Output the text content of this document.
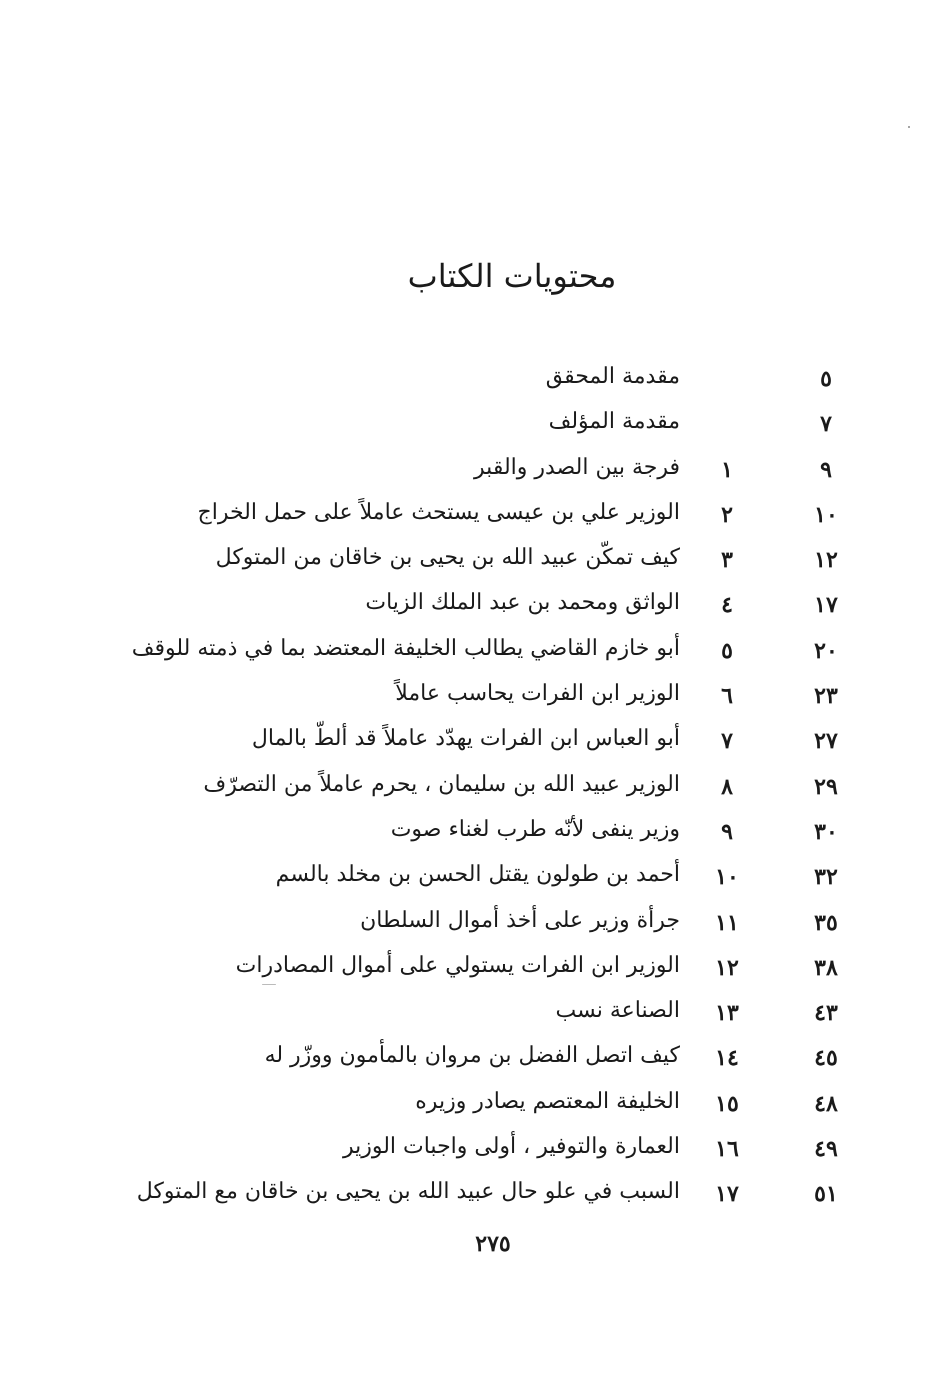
محتويات الكتاب
٥
مقدمة المحقق
٧
مقدمة المؤلف
٩
١
فرجة بين الصدر والقبر
١٠
٢
الوزير علي بن عيسى يستحث عاملاً على حمل الخراج
١٢
٣
كيف تمكّن عبيد الله بن يحيى بن خاقان من المتوكل
١٧
٤
الواثق ومحمد بن عبد الملك الزيات
٢٠
٥
أبو خازم القاضي يطالب الخليفة المعتضد بما في ذمته للوقف
٢٣
٦
الوزير ابن الفرات يحاسب عاملاً
٢٧
٧
أبو العباس ابن الفرات يهدّد عاملاً قد ألطّ بالمال
٢٩
٨
الوزير عبيد الله بن سليمان ، يحرم عاملاً من التصرّف
٣٠
٩
وزير ينفى لأنّه طرب لغناء صوت
٣٢
١٠
أحمد بن طولون يقتل الحسن بن مخلد بالسم
٣٥
١١
جرأة وزير على أخذ أموال السلطان
٣٨
١٢
الوزير ابن الفرات يستولي على أموال المصادرات
٤٣
١٣
الصناعة نسب
٤٥
١٤
كيف اتصل الفضل بن مروان بالمأمون ووزّر له
٤٨
١٥
الخليفة المعتصم يصادر وزيره
٤٩
١٦
العمارة والتوفير ، أولى واجبات الوزير
٥١
١٧
السبب في علو حال عبيد الله بن يحيى بن خاقان مع المتوكل
٢٧٥
